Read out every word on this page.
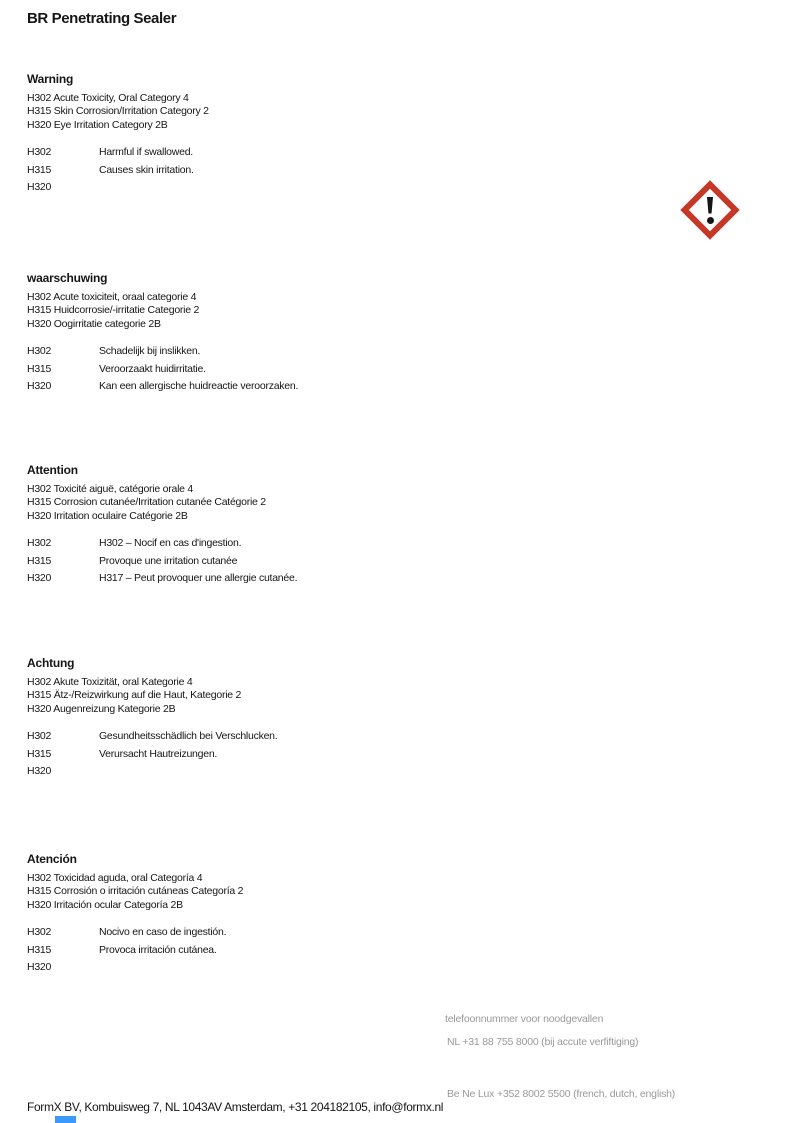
BR Penetrating Sealer
Warning
H302 Acute Toxicity, Oral Category 4
H315 Skin Corrosion/Irritation Category 2
H320 Eye Irritation Category 2B
H302	Harmful if swallowed.
H315	Causes skin irritation.
H320
waarschuwing
H302 Acute toxiciteit, oraal categorie 4
H315 Huidcorrosie/-irritatie Categorie 2
H320 Oogirritatie categorie 2B
H302	Schadelijk bij inslikken.
H315	Veroorzaakt huidirritatie.
H320	Kan een allergische huidreactie veroorzaken.
Attention
H302 Toxicité aiguë, catégorie orale 4
H315 Corrosion cutanée/Irritation cutanée Catégorie 2
H320 Irritation oculaire Catégorie 2B
H302	H302 – Nocif en cas d'ingestion.
H315	Provoque une irritation cutanée
H320	H317 – Peut provoquer une allergie cutanée.
Achtung
H302 Akute Toxizität, oral Kategorie 4
H315 Ätz-/Reizwirkung auf die Haut, Kategorie 2
H320 Augenreizung Kategorie 2B
H302	Gesundheitsschädlich bei Verschlucken.
H315	Verursacht Hautreizungen.
H320
Atención
H302 Toxicidad aguda, oral Categoría 4
H315 Corrosión o irritación cutáneas Categoría 2
H320 Irritación ocular Categoría 2B
H302	Nocivo en caso de ingestión.
H315	Provoca irritación cutánea.
H320
telefoonnummer voor noodgevallen
NL +31 88 755 8000 (bij accute verfiftiging)
Be Ne Lux +352 8002 5500 (french, dutch, english)
FormX BV, Kombuisweg 7, NL 1043AV Amsterdam, +31 204182105, info@formx.nl
